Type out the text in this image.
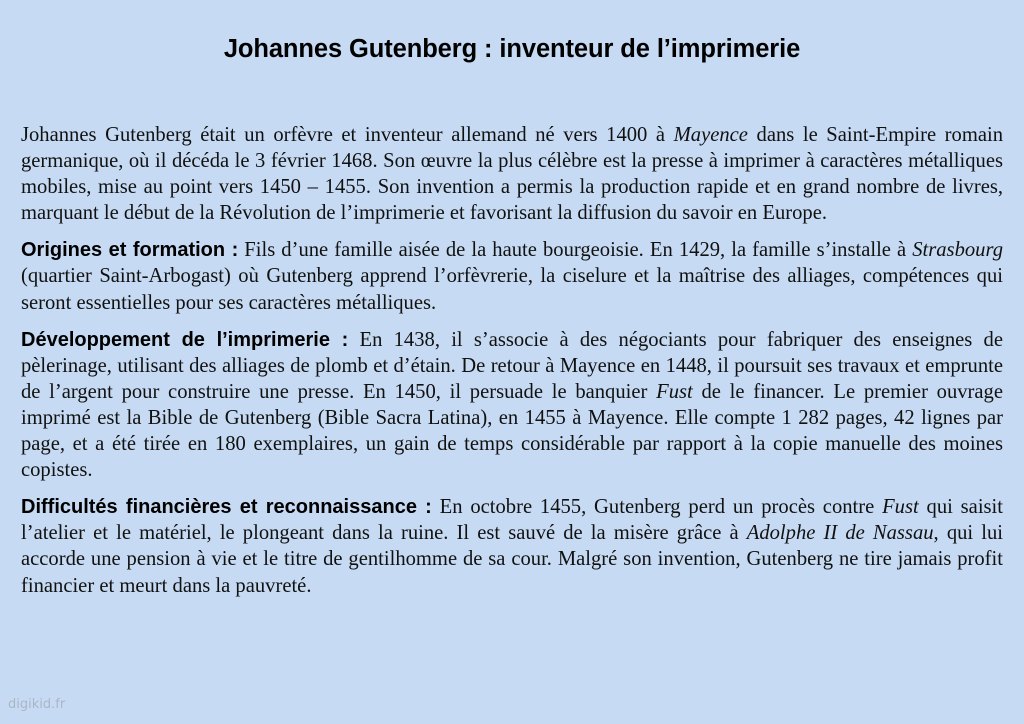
Johannes Gutenberg : inventeur de l’imprimerie

Johannes Gutenberg était un orfèvre et inventeur allemand né vers 1400 à Mayence dans le Saint-Empire romain germanique, où il décéda le 3 février 1468. Son œuvre la plus célèbre est la presse à imprimer à caractères métalliques mobiles, mise au point vers 1450 – 1455. Son invention a permis la production rapide et en grand nombre de livres, marquant le début de la Révolution de l’imprimerie et favorisant la diffusion du savoir en Europe.

Origines et formation : Fils d’une famille aisée de la haute bourgeoisie. En 1429, la famille s’installe à Strasbourg (quartier Saint-Arbogast) où Gutenberg apprend l’orfèvrerie, la ciselure et la maîtrise des alliages, compétences qui seront essentielles pour ses caractères métalliques.

Développement de l’imprimerie : En 1438, il s’associe à des négociants pour fabriquer des enseignes de pèlerinage, utilisant des alliages de plomb et d’étain. De retour à Mayence en 1448, il poursuit ses travaux et emprunte de l’argent pour construire une presse. En 1450, il persuade le banquier Fust de le financer. Le premier ouvrage imprimé est la Bible de Gutenberg (Bible Sacra Latina), en 1455 à Mayence. Elle compte 1 282 pages, 42 lignes par page, et a été tirée en 180 exemplaires, un gain de temps considérable par rapport à la copie manuelle des moines copistes.

Difficultés financières et reconnaissance : En octobre 1455, Gutenberg perd un procès contre Fust qui saisit l’atelier et le matériel, le plongeant dans la ruine. Il est sauvé de la misère grâce à Adolphe II de Nassau, qui lui accorde une pension à vie et le titre de gentilhomme de sa cour. Malgré son invention, Gutenberg ne tire jamais profit financier et meurt dans la pauvreté.

digikid.fr
